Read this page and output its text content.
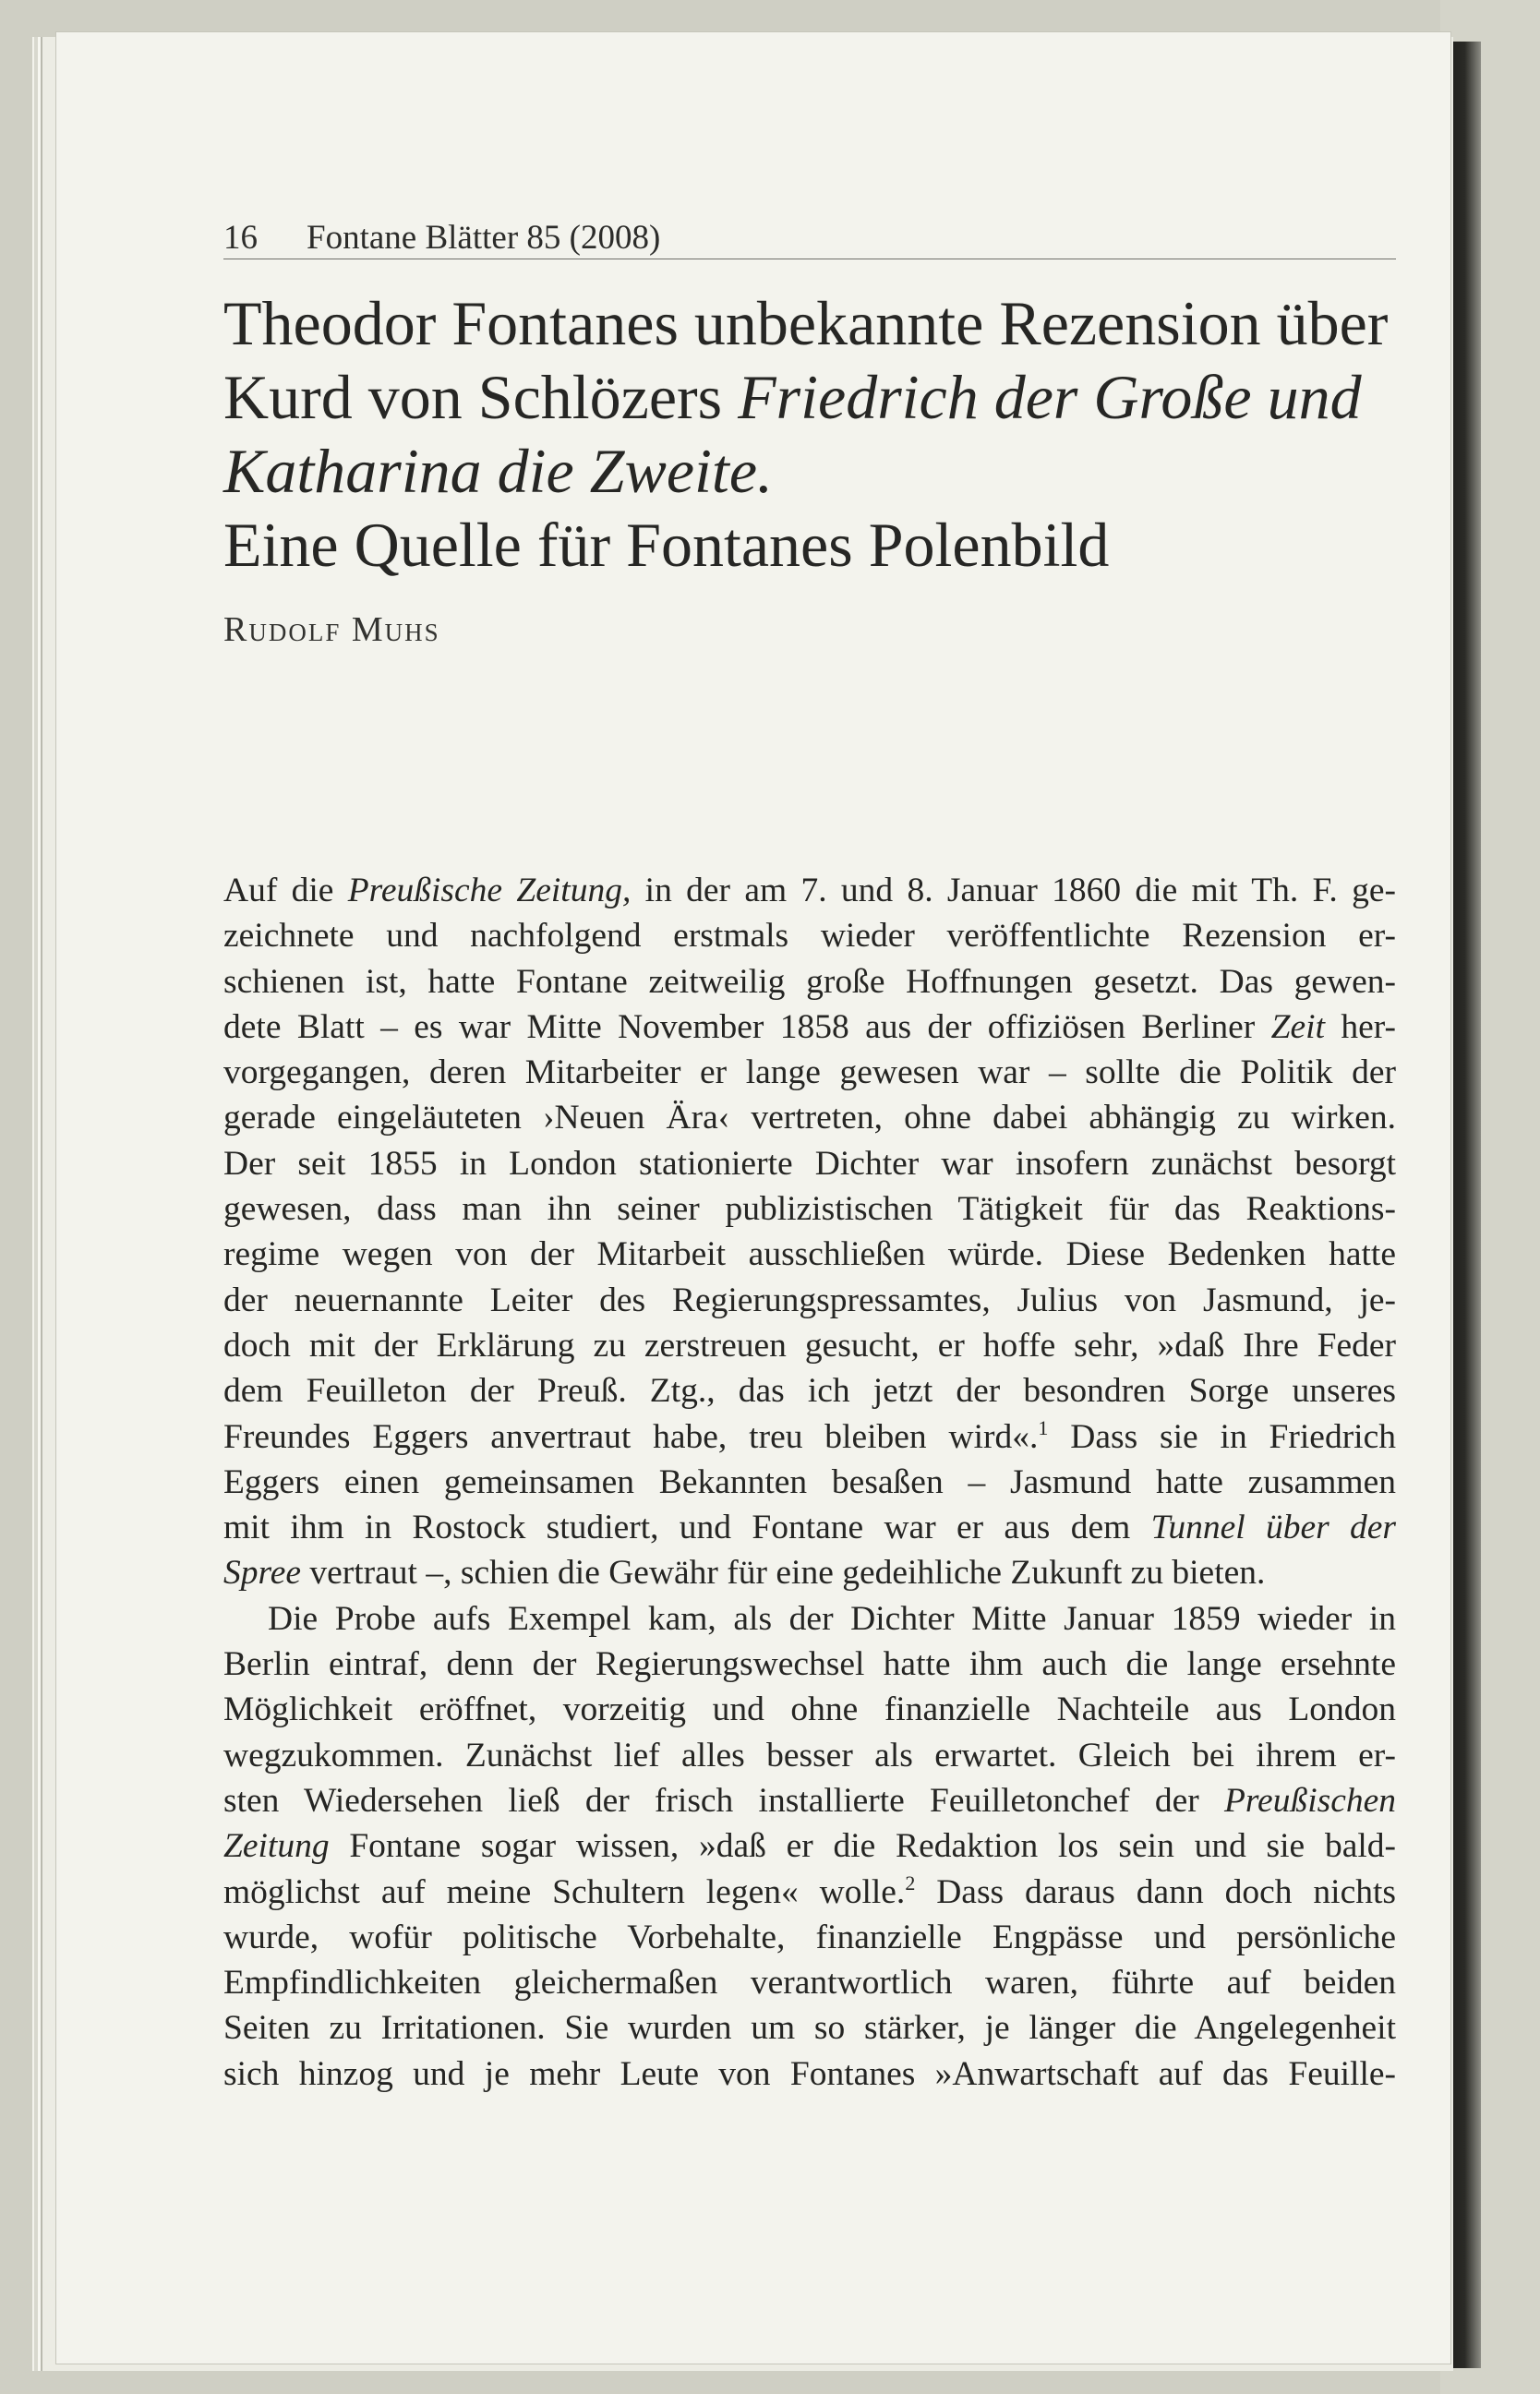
16 Fontane Blätter 85 (2008)
Theodor Fontanes unbekannte Rezension über
Kurd von Schlözers Friedrich der Große und
Katharina die Zweite.
Eine Quelle für Fontanes Polenbild
Rudolf Muhs
Auf die Preußische Zeitung, in der am 7. und 8. Januar 1860 die mit Th. F. ge-
zeichnete und nachfolgend erstmals wieder veröffentlichte Rezension er-
schienen ist, hatte Fontane zeitweilig große Hoffnungen gesetzt. Das gewen-
dete Blatt – es war Mitte November 1858 aus der offiziösen Berliner Zeit her-
vorgegangen, deren Mitarbeiter er lange gewesen war – sollte die Politik der
gerade eingeläuteten ›Neuen Ära‹ vertreten, ohne dabei abhängig zu wirken.
Der seit 1855 in London stationierte Dichter war insofern zunächst besorgt
gewesen, dass man ihn seiner publizistischen Tätigkeit für das Reaktions-
regime wegen von der Mitarbeit ausschließen würde. Diese Bedenken hatte
der neuernannte Leiter des Regierungspressamtes, Julius von Jasmund, je-
doch mit der Erklärung zu zerstreuen gesucht, er hoffe sehr, »daß Ihre Feder
dem Feuilleton der Preuß. Ztg., das ich jetzt der besondren Sorge unseres
Freundes Eggers anvertraut habe, treu bleiben wird«.$^1$ Dass sie in Friedrich
Eggers einen gemeinsamen Bekannten besaßen – Jasmund hatte zusammen
mit ihm in Rostock studiert, und Fontane war er aus dem Tunnel über der
Spree vertraut –, schien die Gewähr für eine gedeihliche Zukunft zu bieten.
Die Probe aufs Exempel kam, als der Dichter Mitte Januar 1859 wieder in
Berlin eintraf, denn der Regierungswechsel hatte ihm auch die lange ersehnte
Möglichkeit eröffnet, vorzeitig und ohne finanzielle Nachteile aus London
wegzukommen. Zunächst lief alles besser als erwartet. Gleich bei ihrem er-
sten Wiedersehen ließ der frisch installierte Feuilletonchef der Preußischen
Zeitung Fontane sogar wissen, »daß er die Redaktion los sein und sie bald-
möglichst auf meine Schultern legen« wolle.$^2$ Dass daraus dann doch nichts
wurde, wofür politische Vorbehalte, finanzielle Engpässe und persönliche
Empfindlichkeiten gleichermaßen verantwortlich waren, führte auf beiden
Seiten zu Irritationen. Sie wurden um so stärker, je länger die Angelegenheit
sich hinzog und je mehr Leute von Fontanes »Anwartschaft auf das Feuille-
